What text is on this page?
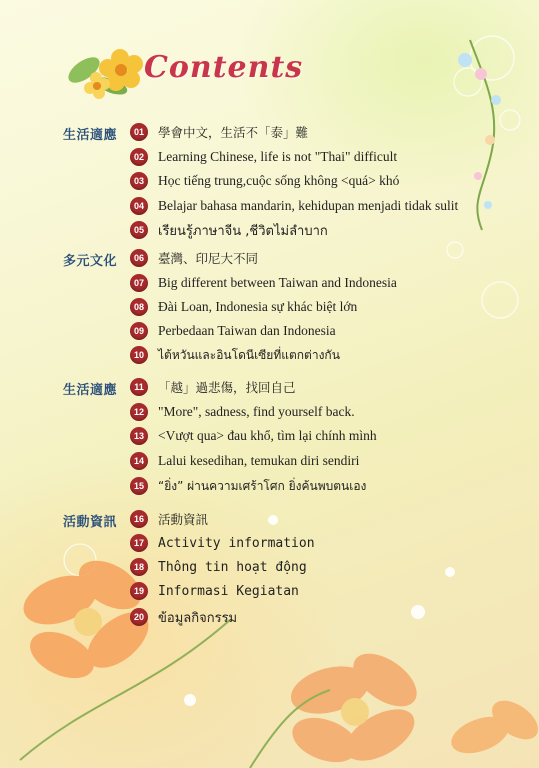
Contents
生活適應	01	學會中文，生活不「泰」難
02 Learning Chinese, life is not "Thai" difficult
03 Học tiếng trung,cuộc sống không <quá> khó
04 Belajar bahasa mandarin, kehidupan menjadi tidak sulit
05	เรียนรู้ภาษาจีน ,ชีวิตไม่ลำบาก
多元文化	06	臺灣、印尼大不同
07 Big different between Taiwan and Indonesia
08 Đài Loan, Indonesia sự khác biệt lớn
09 Perbedaan Taiwan dan Indonesia
10	ไต้หวันและอินโดนีเซียที่แตกต่างกัน
生活適應	11	「越」過悲傷，找回自己
12 "More", sadness, find yourself back.
13 <Vượt qua> đau khổ, tìm lại chính mình
14 Lalui kesedihan, temukan diri sendiri
15	“ยิ่ง” ผ่านความเศร้าโศก ยิ่งค้นพบตนเอง
活動資訊	16	活動資訊
17	Activity information
18	Thông tin hoạt động
19	Informasi Kegiatan
20	ข้อมูลกิจกรรม
